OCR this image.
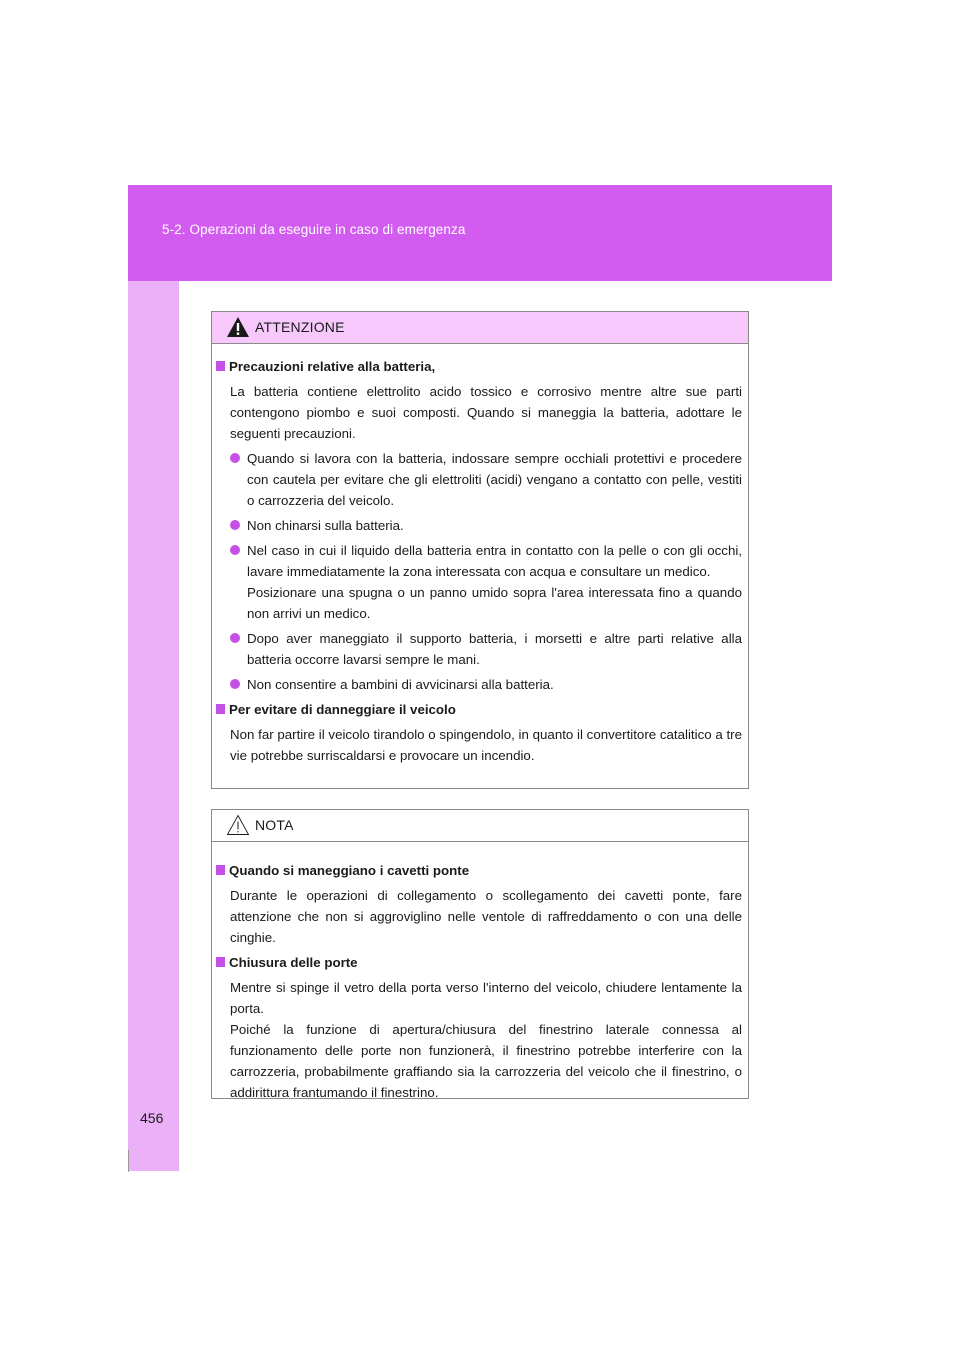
5-2. Operazioni da eseguire in caso di emergenza
456
ATTENZIONE
Precauzioni relative alla batteria,
La batteria contiene elettrolito acido tossico e corrosivo mentre altre sue parti contengono piombo e suoi composti. Quando si maneggia la batteria, adottare le seguenti precauzioni.
Quando si lavora con la batteria, indossare sempre occhiali protettivi e procedere con cautela per evitare che gli elettroliti (acidi) vengano a contatto con pelle, vestiti o carrozzeria del veicolo.
Non chinarsi sulla batteria.
Nel caso in cui il liquido della batteria entra in contatto con la pelle o con gli occhi, lavare immediatamente la zona interessata con acqua e consultare un medico.
Posizionare una spugna o un panno umido sopra l'area interessata fino a quando non arrivi un medico.
Dopo aver maneggiato il supporto batteria, i morsetti e altre parti relative alla batteria occorre lavarsi sempre le mani.
Non consentire a bambini di avvicinarsi alla batteria.
Per evitare di danneggiare il veicolo
Non far partire il veicolo tirandolo o spingendolo, in quanto il convertitore catalitico a tre vie potrebbe surriscaldarsi e provocare un incendio.
NOTA
Quando si maneggiano i cavetti ponte
Durante le operazioni di collegamento o scollegamento dei cavetti ponte, fare attenzione che non si aggroviglino nelle ventole di raffreddamento o con una delle cinghie.
Chiusura delle porte
Mentre si spinge il vetro della porta verso l'interno del veicolo, chiudere lentamente la porta.
Poiché la funzione di apertura/chiusura del finestrino laterale connessa al funzionamento delle porte non funzionerà, il finestrino potrebbe interferire con la carrozzeria, probabilmente graffiando sia la carrozzeria del veicolo che il finestrino, o addirittura frantumando il finestrino.
